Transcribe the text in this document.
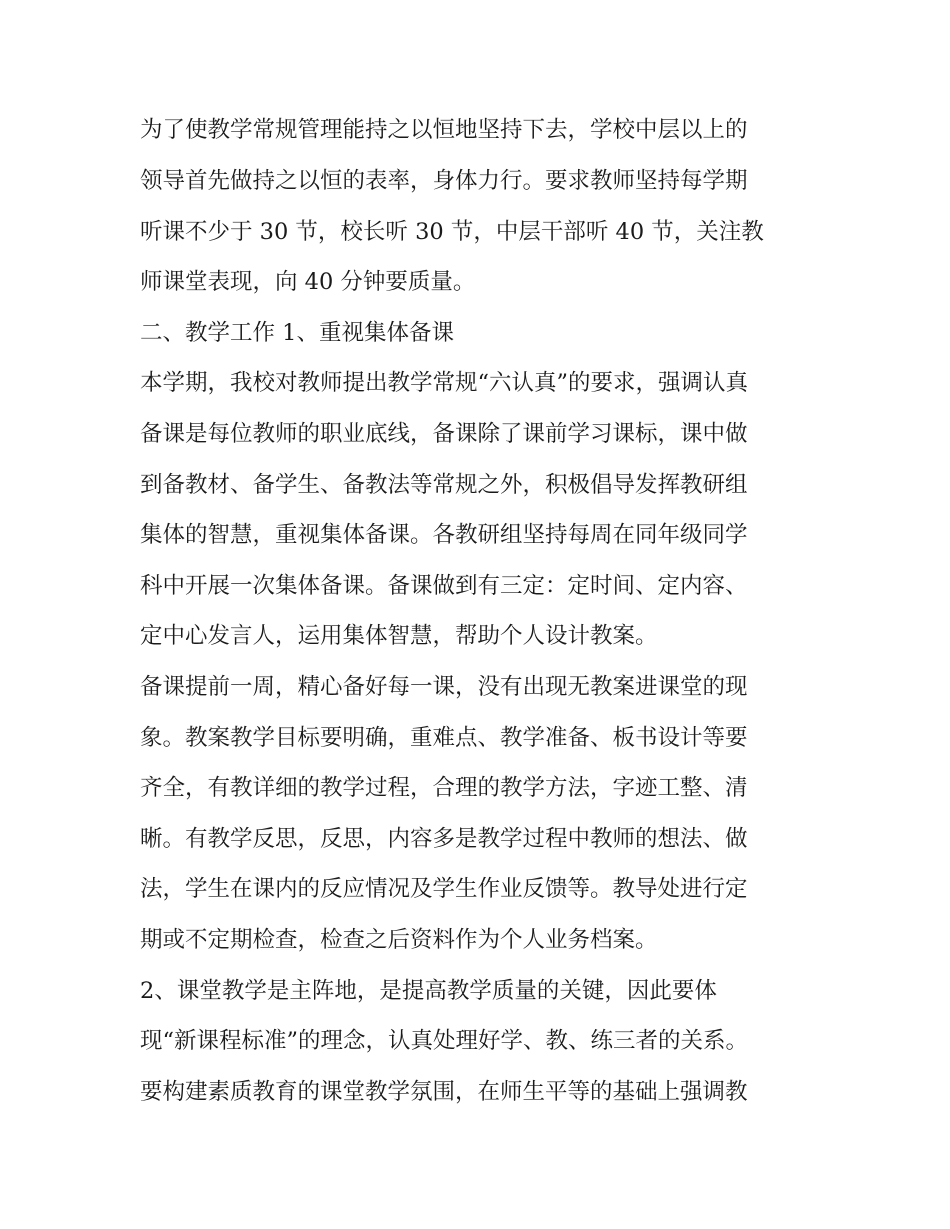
为了使教学常规管理能持之以恒地坚持下去，学校中层以上的
领导首先做持之以恒的表率，身体力行。要求教师坚持每学期
听课不少于 30 节，校长听 30 节，中层干部听 40 节，关注教
师课堂表现，向 40 分钟要质量。
二、教学工作 1、重视集体备课
本学期，我校对教师提出教学常规“六认真”的要求，强调认真
备课是每位教师的职业底线，备课除了课前学习课标，课中做
到备教材、备学生、备教法等常规之外，积极倡导发挥教研组
集体的智慧，重视集体备课。各教研组坚持每周在同年级同学
科中开展一次集体备课。备课做到有三定：定时间、定内容、
定中心发言人，运用集体智慧，帮助个人设计教案。
备课提前一周，精心备好每一课，没有出现无教案进课堂的现
象。教案教学目标要明确，重难点、教学准备、板书设计等要
齐全，有教详细的教学过程，合理的教学方法，字迹工整、清
晰。有教学反思，反思，内容多是教学过程中教师的想法、做
法，学生在课内的反应情况及学生作业反馈等。教导处进行定
期或不定期检查，检查之后资料作为个人业务档案。
2、课堂教学是主阵地，是提高教学质量的关键，因此要体
现“新课程标准”的理念，认真处理好学、教、练三者的关系。
要构建素质教育的课堂教学氛围，在师生平等的基础上强调教
